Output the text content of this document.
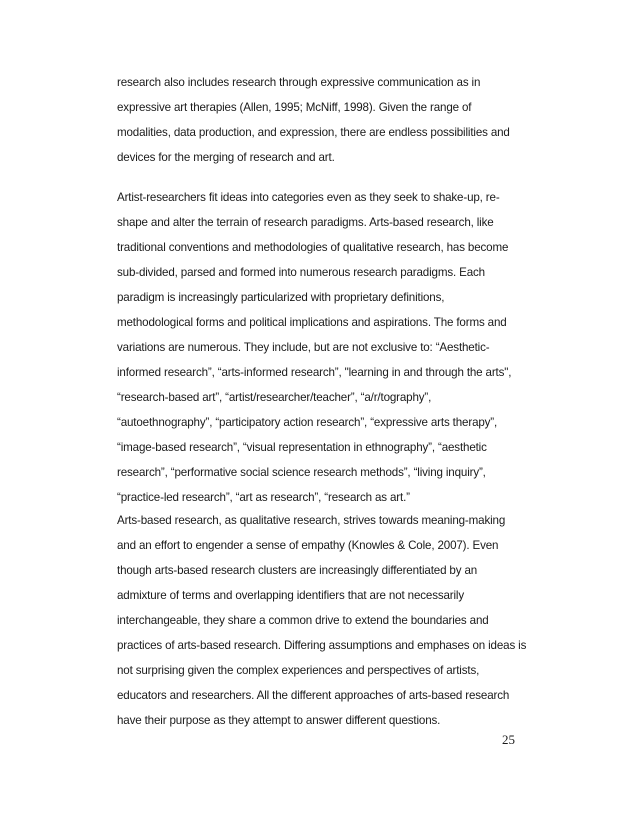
research also includes research through expressive communication as in

expressive art therapies (Allen, 1995; McNiff, 1998). Given the range of

modalities, data production, and expression, there are endless possibilities and

devices for the merging of research and art.

Artist-researchers fit ideas into categories even as they seek to shake-up, re-

shape and alter the terrain of research paradigms. Arts-based research, like

traditional conventions and methodologies of qualitative research, has become

sub-divided, parsed and formed into numerous research paradigms. Each

paradigm is increasingly particularized with proprietary definitions,

methodological forms and political implications and aspirations. The forms and

variations are numerous. They include, but are not exclusive to: “Aesthetic-

informed research”, “arts-informed research”, "learning in and through the arts",

“research-based art”, “artist/researcher/teacher”, “a/r/tography”,

“autoethnography”, “participatory action research”, “expressive arts therapy”,

“image-based research”, “visual representation in ethnography”, “aesthetic

research”, “performative social science research methods”, “living inquiry”,

“practice-led research”, “art as research”, “research as art.”

Arts-based research, as qualitative research, strives towards meaning-making

and an effort to engender a sense of empathy (Knowles & Cole, 2007). Even

though arts-based research clusters are increasingly differentiated by an

admixture of terms and overlapping identifiers that are not necessarily

interchangeable, they share a common drive to extend the boundaries and

practices of arts-based research. Differing assumptions and emphases on ideas is

not surprising given the complex experiences and perspectives of artists,

educators and researchers. All the different approaches of arts-based research

have their purpose as they attempt to answer different questions.

25
